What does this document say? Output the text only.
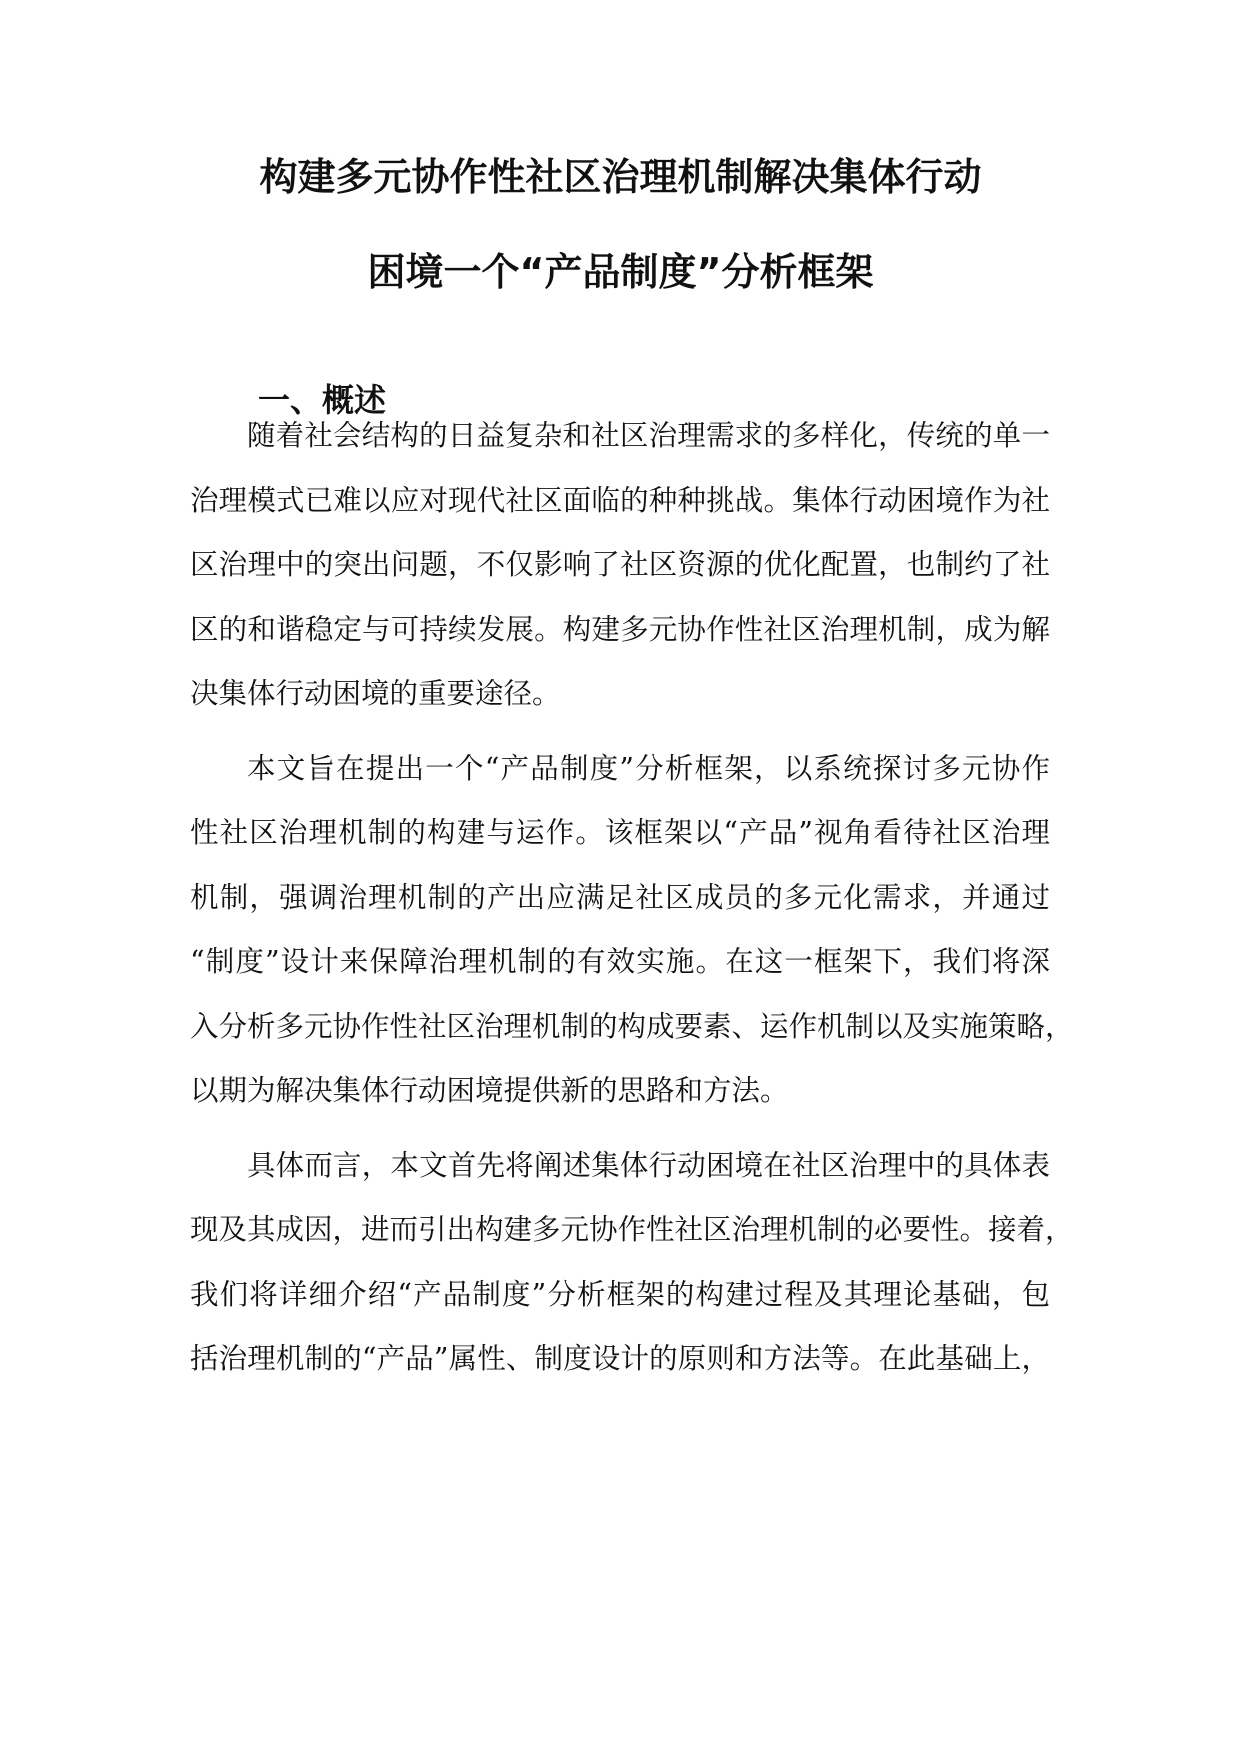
构建多元协作性社区治理机制解决集体行动
困境一个“产品制度”分析框架
一、概述
随着社会结构的日益复杂和社区治理需求的多样化，传统的单一
治理模式已难以应对现代社区面临的种种挑战。集体行动困境作为社
区治理中的突出问题，不仅影响了社区资源的优化配置，也制约了社
区的和谐稳定与可持续发展。构建多元协作性社区治理机制，成为解
决集体行动困境的重要途径。
本文旨在提出一个“产品制度”分析框架，以系统探讨多元协作
性社区治理机制的构建与运作。该框架以“产品”视角看待社区治理
机制，强调治理机制的产出应满足社区成员的多元化需求，并通过
“制度”设计来保障治理机制的有效实施。在这一框架下，我们将深
入分析多元协作性社区治理机制的构成要素、运作机制以及实施策略，
以期为解决集体行动困境提供新的思路和方法。
具体而言，本文首先将阐述集体行动困境在社区治理中的具体表
现及其成因，进而引出构建多元协作性社区治理机制的必要性。接着，
我们将详细介绍“产品制度”分析框架的构建过程及其理论基础，包
括治理机制的“产品”属性、制度设计的原则和方法等。在此基础上，
